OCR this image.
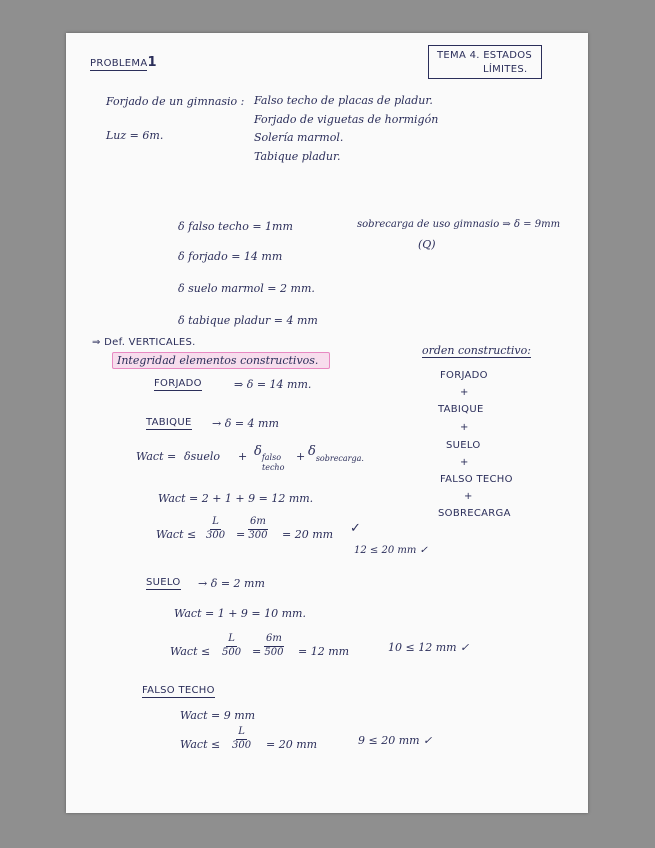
PROBLEMA1	TEMA 4. ESTADOS
LÍMITES.
Forjado de un gimnasio : Falso techo de placas de pladur.
Forjado de viguetas de hormigón
Solería marmol.
Tabique pladur.
Luz = 6m.
δ falso techo = 1mm
δ forjado = 14 mm
δ suelo marmol = 2 mm.
δ tabique pladur = 4 mm
sobrecarga de uso gimnasio ⇒ δ = 9mm
(Q)
⇒ Def. VERTICALES.
Integridad elementos constructivos.
orden constructivo:
FORJADO
+
TABIQUE
+
SUELO
+
FALSO TECHO
+
SOBRECARGA
FORJADO	⇒ δ = 14 mm.
TABIQUE → δ = 4 mm
Wact = δsuelo + $\delta_{falso}$
techo
+ $\delta_{sobrecarga.}$
Wact = 2 + 1 + 9 = 12 mm.
Wact ≤ $\frac{L}{300} = \frac{6m}{300} = 20$ mm ✓
12 ≤ 20 mm ✓
SUELO → δ = 2 mm
Wact = 1 + 9 = 10 mm.
Wact ≤ $\frac{L}{500} = \frac{6m}{500} = 12$ mm	10 ≤ 12 mm ✓
FALSO TECHO
Wact = 9 mm
Wact ≤ $\frac{L}{300} = 20$ mm	9 ≤ 20 mm ✓
